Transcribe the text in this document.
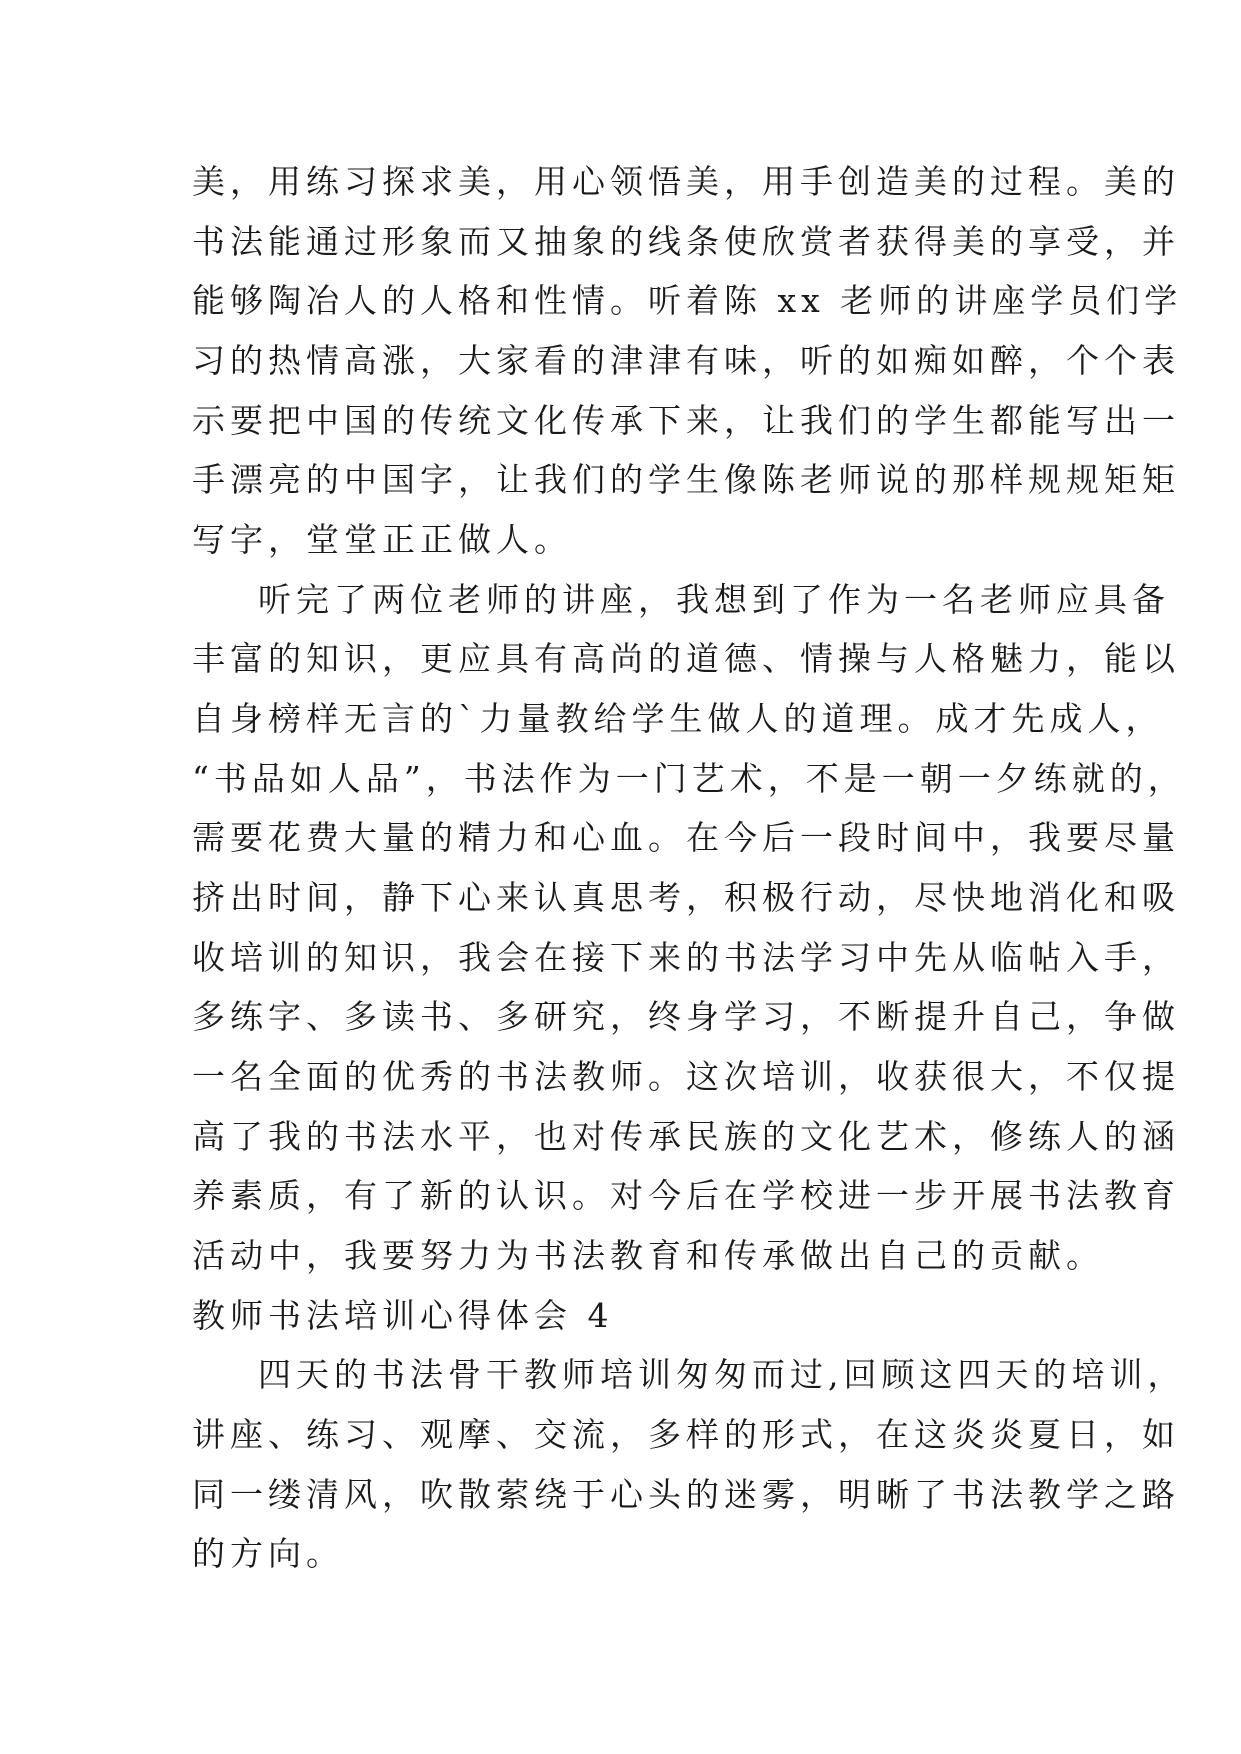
美，用练习探求美，用心领悟美，用手创造美的过程。美的
书法能通过形象而又抽象的线条使欣赏者获得美的享受，并
能够陶冶人的人格和性情。听着陈 xx 老师的讲座学员们学
习的热情高涨，大家看的津津有味，听的如痴如醉，个个表
示要把中国的传统文化传承下来，让我们的学生都能写出一
手漂亮的中国字，让我们的学生像陈老师说的那样规规矩矩
写字，堂堂正正做人。
听完了两位老师的讲座，我想到了作为一名老师应具备
丰富的知识，更应具有高尚的道德、情操与人格魅力，能以
自身榜样无言的`力量教给学生做人的道理。成才先成人，
“书品如人品”，书法作为一门艺术，不是一朝一夕练就的，
需要花费大量的精力和心血。在今后一段时间中，我要尽量
挤出时间，静下心来认真思考，积极行动，尽快地消化和吸
收培训的知识，我会在接下来的书法学习中先从临帖入手，
多练字、多读书、多研究，终身学习，不断提升自己，争做
一名全面的优秀的书法教师。这次培训，收获很大，不仅提
高了我的书法水平，也对传承民族的文化艺术，修练人的涵
养素质，有了新的认识。对今后在学校进一步开展书法教育
活动中，我要努力为书法教育和传承做出自己的贡献。
教师书法培训心得体会 4
四天的书法骨干教师培训匆匆而过,回顾这四天的培训，
讲座、练习、观摩、交流，多样的形式，在这炎炎夏日，如
同一缕清风，吹散萦绕于心头的迷雾，明晰了书法教学之路
的方向。
